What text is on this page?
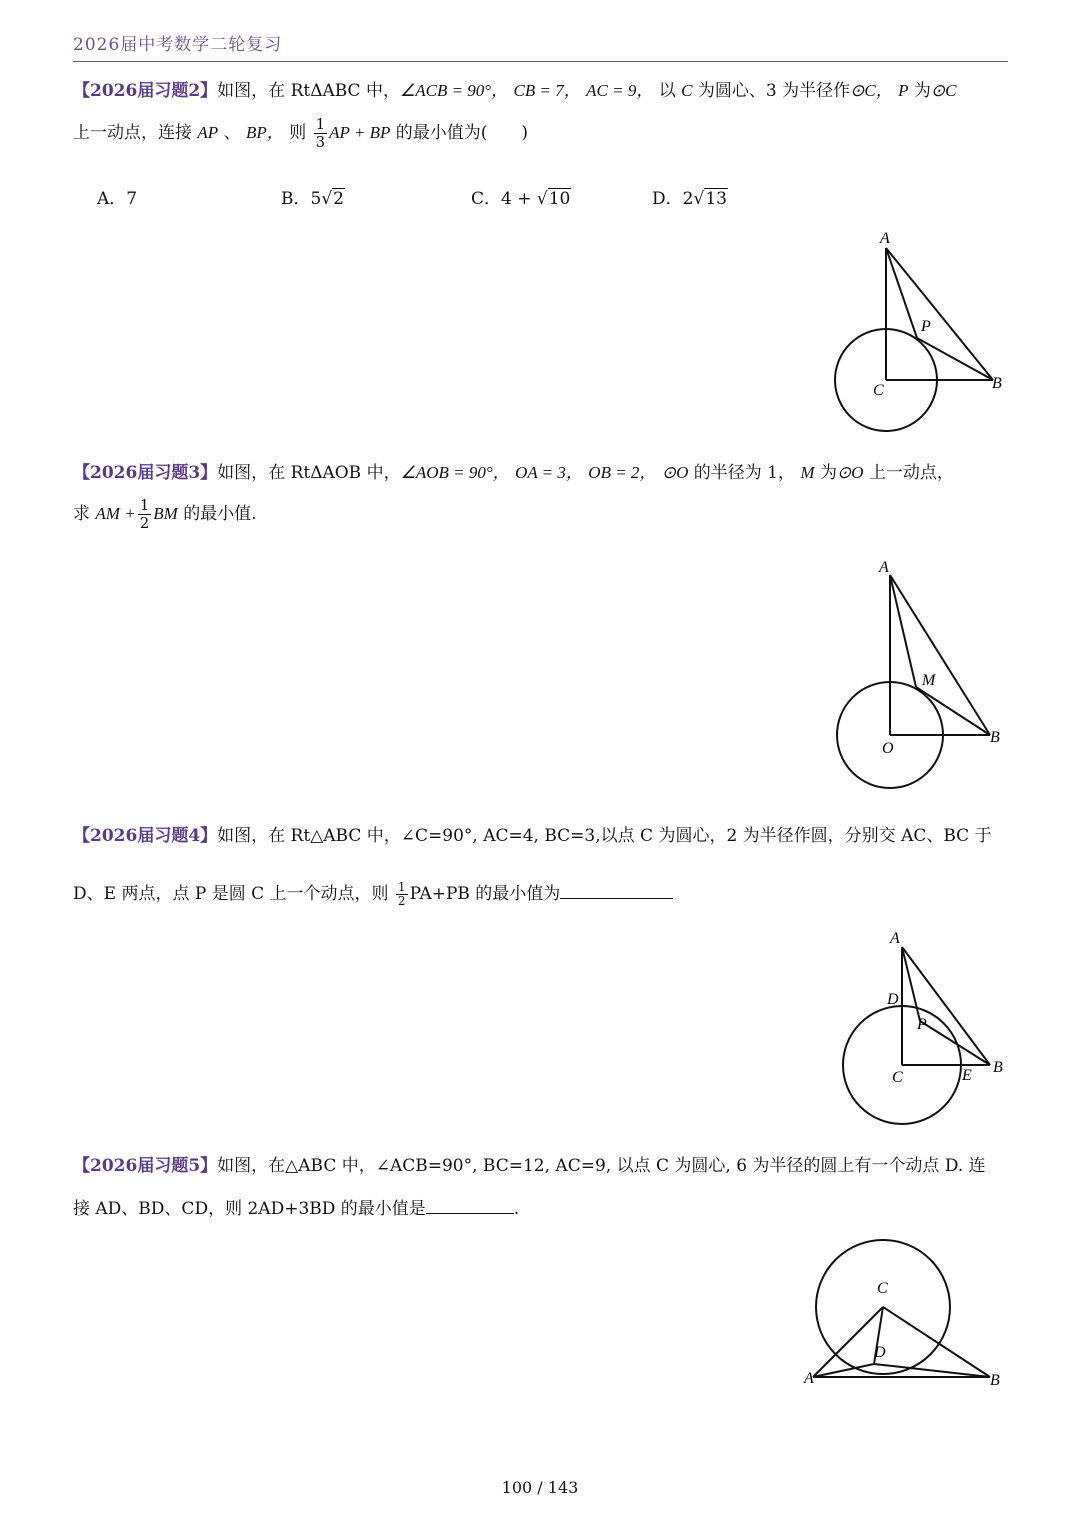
2026届中考数学二轮复习
【2026届习题2】如图，在 RtΔABC 中，∠ACB = 90°， CB = 7， AC = 9， 以 C 为圆心、3 为半径作⊙C， P 为⊙C
上一动点，连接 AP 、 BP， 则 $\frac{1}{3}$ AP + BP 的最小值为(　　)
A．7	B．5√2	C．4 + √10	D．2√13
A
B
C
P
【2026届习题3】如图，在 RtΔAOB 中，∠AOB = 90°， OA = 3， OB = 2， ⊙O 的半径为 1， M 为⊙O 上一动点，
求 AM + $\frac{1}{2}$ BM 的最小值.
A
B
O
M
【2026届习题4】如图，在 Rt△ABC 中，∠C=90°, AC=4, BC=3,以点 C 为圆心，2 为半径作圆，分别交 AC、BC 于
D、E 两点，点 P 是圆 C 上一个动点，则 $\frac{1}{2} PA+PB$ 的最小值为
A
B
C
D
E
P
【2026届习题5】如图，在△ABC 中，∠ACB=90°, BC=12, AC=9, 以点 C 为圆心, 6 为半径的圆上有一个动点 D. 连
接 AD、BD、CD，则 2AD+3BD 的最小值是	.
C
D
A	B
100 / 143
